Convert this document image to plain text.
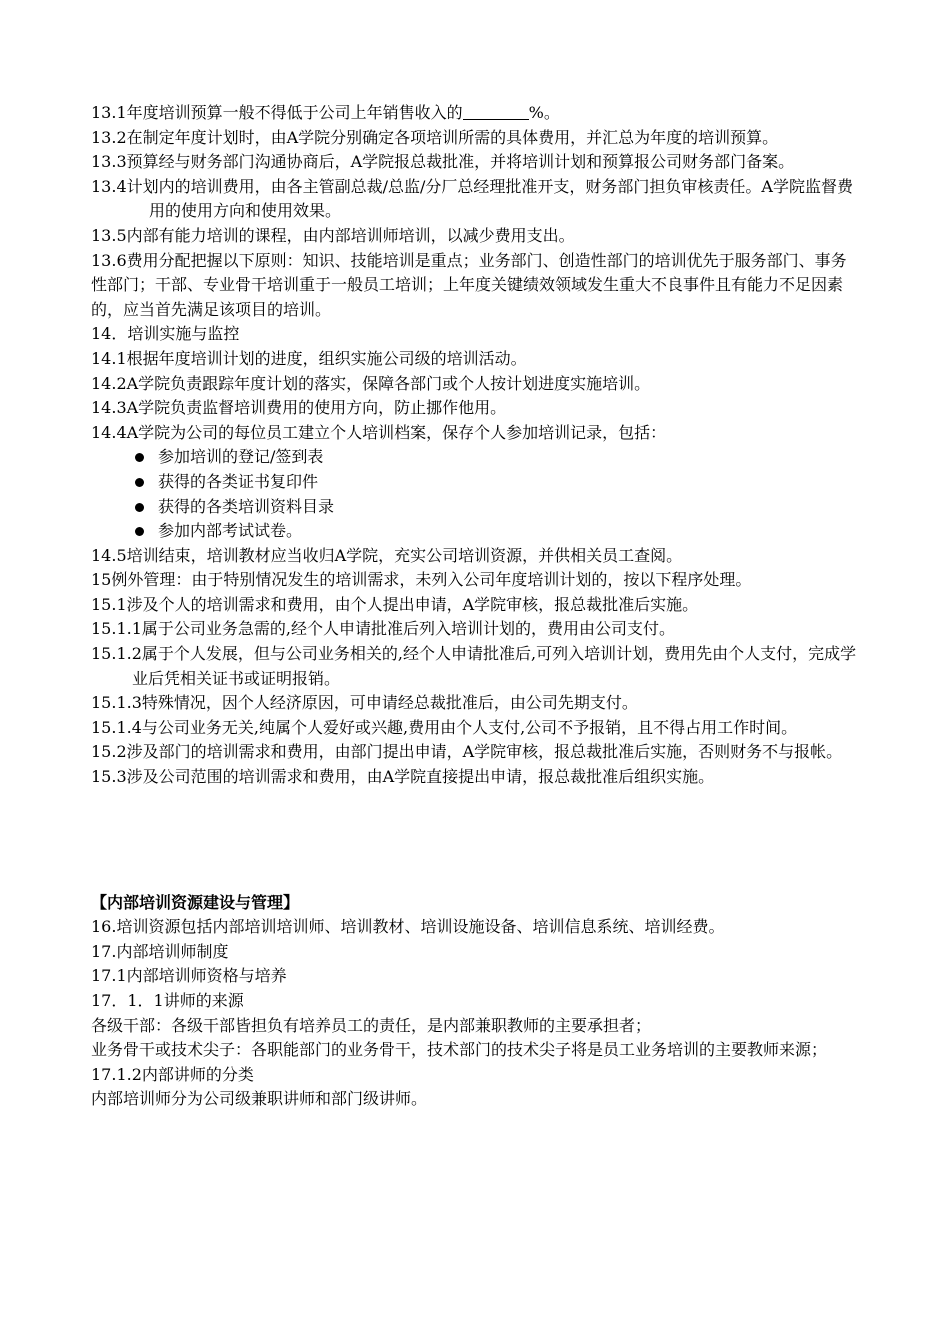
13.1年度培训预算一般不得低于公司上年销售收入的	%。

13.2在制定年度计划时，由A学院分别确定各项培训所需的具体费用，并汇总为年度的培训预算。

13.3预算经与财务部门沟通协商后，A学院报总裁批准，并将培训计划和预算报公司财务部门备案。

13.4计划内的培训费用，由各主管副总裁/总监/分厂总经理批准开支，财务部门担负审核责任。A学院监督费用的使用方向和使用效果。

13.5内部有能力培训的课程，由内部培训师培训，以减少费用支出。

13.6费用分配把握以下原则：知识、技能培训是重点；业务部门、创造性部门的培训优先于服务部门、事务性部门；干部、专业骨干培训重于一般员工培训；上年度关键绩效领域发生重大不良事件且有能力不足因素的，应当首先满足该项目的培训。

14．培训实施与监控

14.1根据年度培训计划的进度，组织实施公司级的培训活动。

14.2A学院负责跟踪年度计划的落实，保障各部门或个人按计划进度实施培训。

14.3A学院负责监督培训费用的使用方向，防止挪作他用。

14.4A学院为公司的每位员工建立个人培训档案，保存个人参加培训记录，包括：

参加培训的登记/签到表
获得的各类证书复印件
获得的各类培训资料目录
参加内部考试试卷。

14.5培训结束，培训教材应当收归A学院，充实公司培训资源，并供相关员工查阅。

15例外管理：由于特别情况发生的培训需求，未列入公司年度培训计划的，按以下程序处理。

15.1涉及个人的培训需求和费用，由个人提出申请，A学院审核，报总裁批准后实施。

15.1.1属于公司业务急需的,经个人申请批准后列入培训计划的，费用由公司支付。

15.1.2属于个人发展，但与公司业务相关的,经个人申请批准后,可列入培训计划，费用先由个人支付，完成学业后凭相关证书或证明报销。

15.1.3特殊情况，因个人经济原因，可申请经总裁批准后，由公司先期支付。

15.1.4与公司业务无关,纯属个人爱好或兴趣,费用由个人支付,公司不予报销，且不得占用工作时间。

15.2涉及部门的培训需求和费用，由部门提出申请，A学院审核，报总裁批准后实施，否则财务不与报帐。

15.3涉及公司范围的培训需求和费用，由A学院直接提出申请，报总裁批准后组织实施。

【内部培训资源建设与管理】

16.培训资源包括内部培训培训师、培训教材、培训设施设备、培训信息系统、培训经费。

17.内部培训师制度

17.1内部培训师资格与培养

17．1．1讲师的来源

各级干部：各级干部皆担负有培养员工的责任，是内部兼职教师的主要承担者；

业务骨干或技术尖子：各职能部门的业务骨干，技术部门的技术尖子将是员工业务培训的主要教师来源；

17.1.2内部讲师的分类

内部培训师分为公司级兼职讲师和部门级讲师。
